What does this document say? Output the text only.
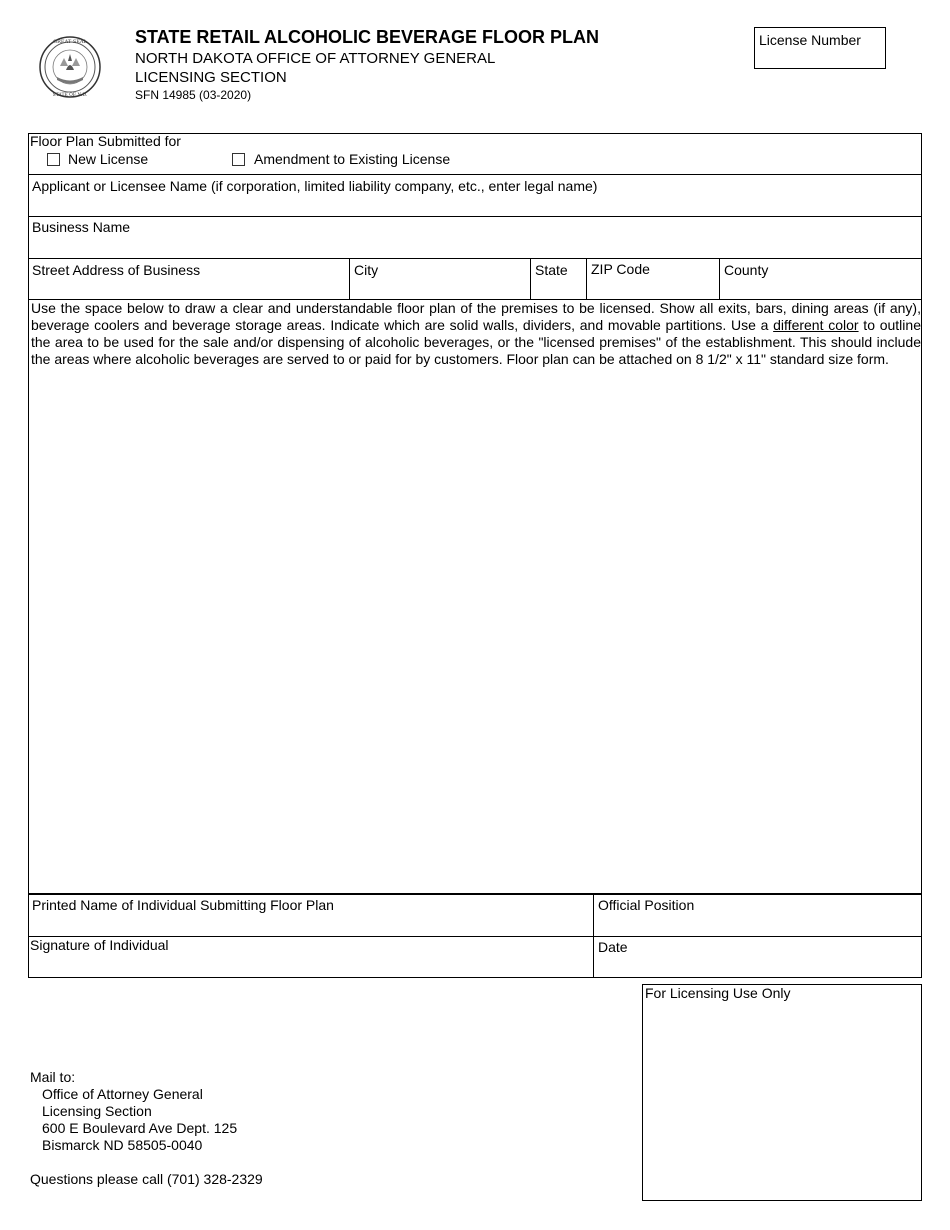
GREAT SEAL
STATE OF N.D.
STATE RETAIL ALCOHOLIC BEVERAGE FLOOR PLAN
NORTH DAKOTA OFFICE OF ATTORNEY GENERAL
LICENSING SECTION
SFN 14985 (03-2020)
License Number
Floor Plan Submitted for
New License	Amendment to Existing License
Applicant or Licensee Name (if corporation, limited liability company, etc., enter legal name)
Business Name
Street Address of Business	City	State ZIP Code	County
Use the space below to draw a clear and understandable floor plan of the premises to be licensed. Show all exits, bars, dining areas (if any), beverage coolers and beverage storage areas. Indicate which are solid walls, dividers, and movable partitions. Use a different color to outline the area to be used for the sale and/or dispensing of alcoholic beverages, or the "licensed premises" of the establishment. This should include the areas where alcoholic beverages are served to or paid for by customers. Floor plan can be attached on 8 1/2" x 11" standard size form.
Printed Name of Individual Submitting Floor Plan	Official Position
Signature of Individual	Date
Mail to:
Office of Attorney General
Licensing Section
600 E Boulevard Ave Dept. 125
Bismarck ND 58505-0040
Questions please call (701) 328-2329
For Licensing Use Only
